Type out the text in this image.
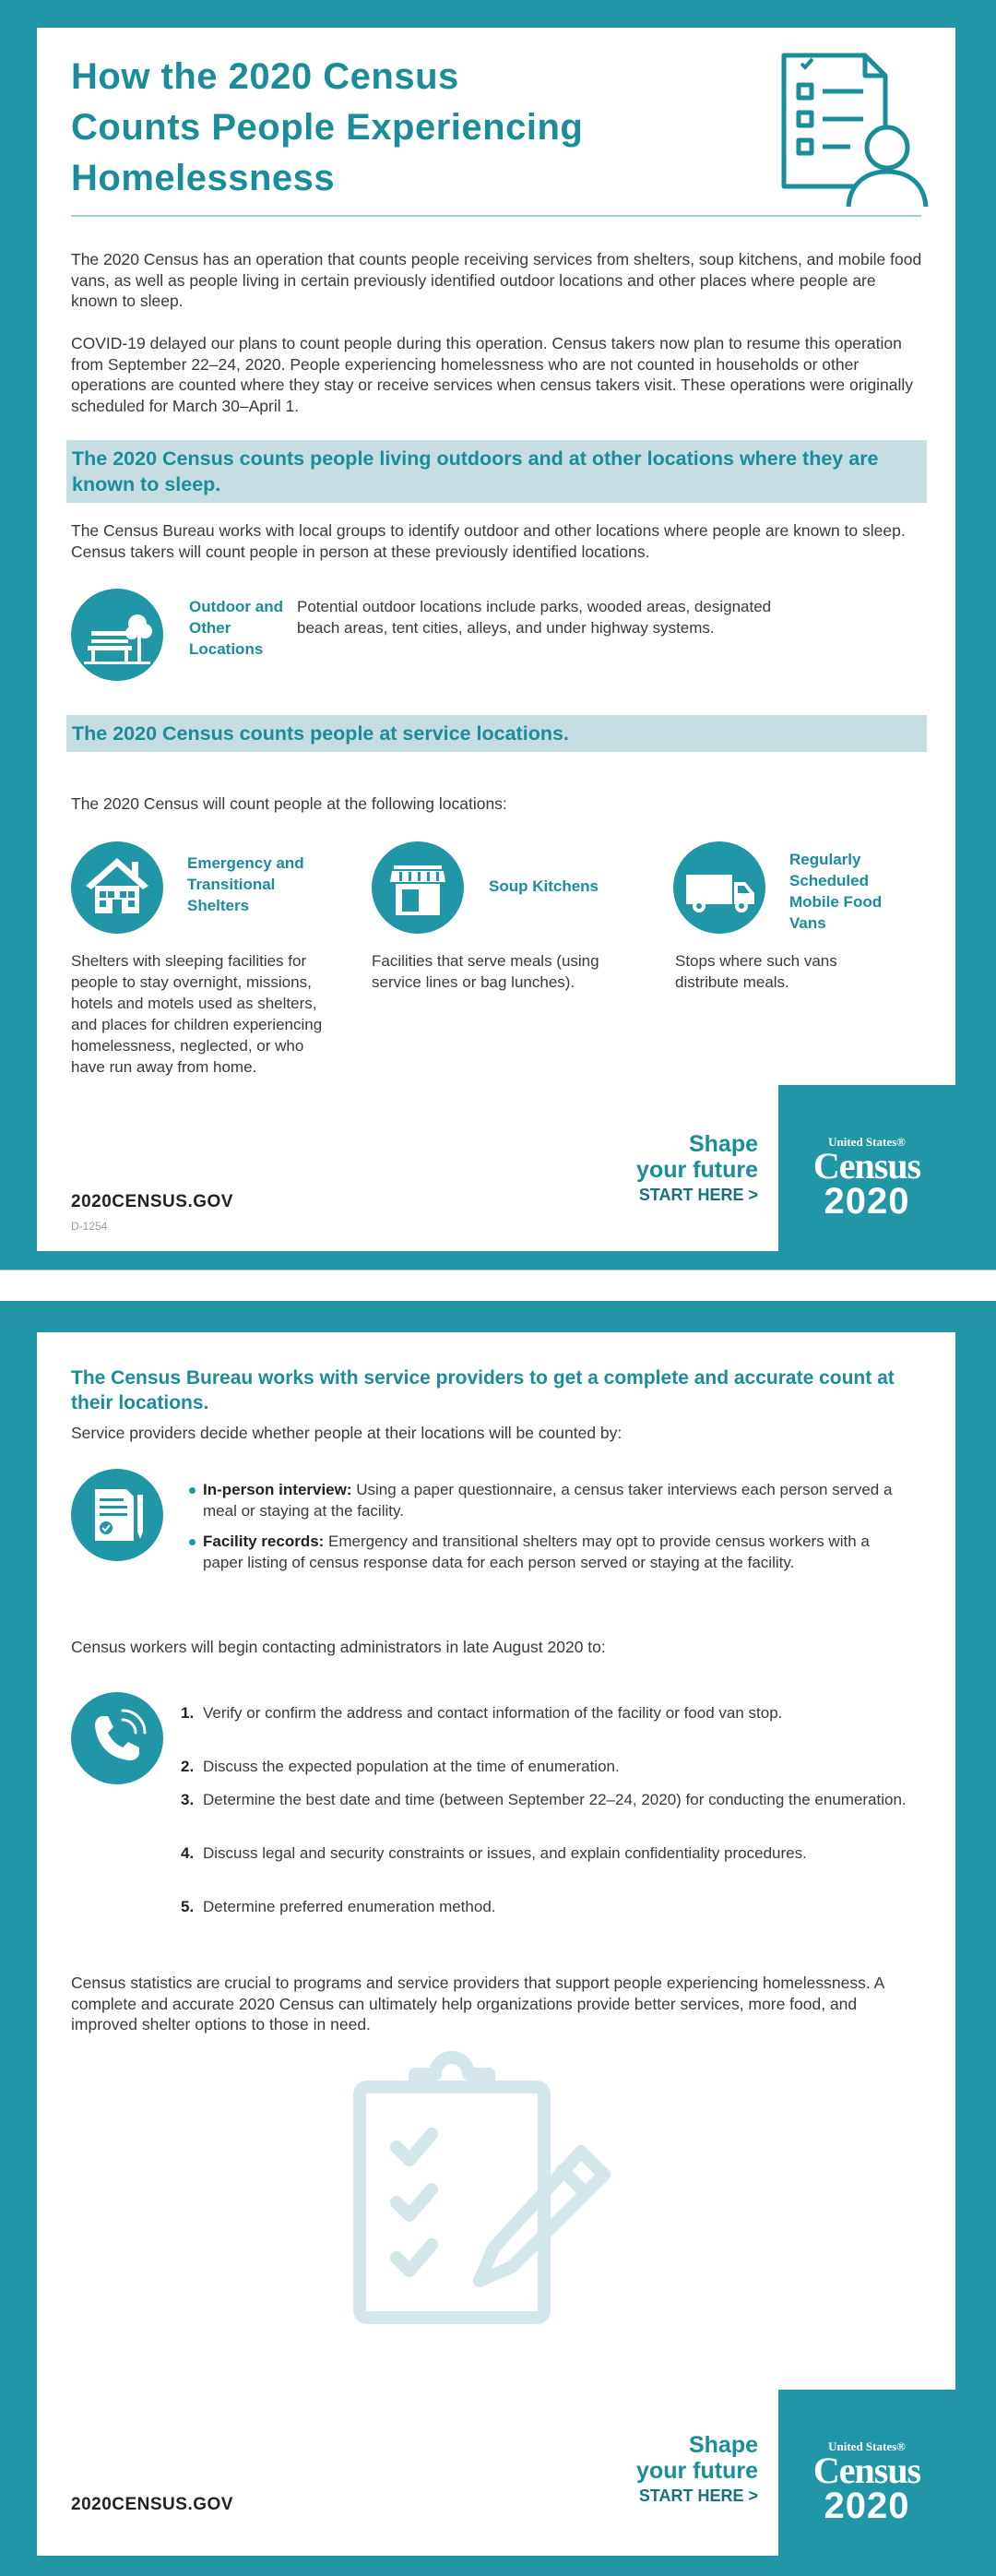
How the 2020 Census
Counts People Experiencing
Homelessness
The 2020 Census has an operation that counts people receiving services from shelters, soup kitchens, and mobile food vans, as well as people living in certain previously identified outdoor locations and other places where people are known to sleep.
COVID-19 delayed our plans to count people during this operation. Census takers now plan to resume this operation from September 22–24, 2020. People experiencing homelessness who are not counted in households or other operations are counted where they stay or receive services when census takers visit. These operations were originally scheduled for March 30–April 1.
The 2020 Census counts people living outdoors and at other locations where they are known to sleep.
The Census Bureau works with local groups to identify outdoor and other locations where people are known to sleep. Census takers will count people in person at these previously identified locations.
Outdoor and Other Locations
Potential outdoor locations include parks, wooded areas, designated beach areas, tent cities, alleys, and under highway systems.
The 2020 Census counts people at service locations.
The 2020 Census will count people at the following locations:
Emergency and Transitional Shelters
Shelters with sleeping facilities for people to stay overnight, missions, hotels and motels used as shelters, and places for children experiencing homelessness, neglected, or who have run away from home.
Soup Kitchens
Facilities that serve meals (using service lines or bag lunches).
Regularly Scheduled Mobile Food Vans
Stops where such vans distribute meals.
2020CENSUS.GOV
D-1254
Shape
your future
START HERE >
United States®
Census
2020
The Census Bureau works with service providers to get a complete and accurate count at their locations.
Service providers decide whether people at their locations will be counted by:
In-person interview: Using a paper questionnaire, a census taker interviews each person served a meal or staying at the facility.
Facility records: Emergency and transitional shelters may opt to provide census workers with a paper listing of census response data for each person served or staying at the facility.
Census workers will begin contacting administrators in late August 2020 to:
1. Verify or confirm the address and contact information of the facility or food van stop.
2. Discuss the expected population at the time of enumeration.
3. Determine the best date and time (between September 22–24, 2020) for conducting the enumeration.
4. Discuss legal and security constraints or issues, and explain confidentiality procedures.
5. Determine preferred enumeration method.
Census statistics are crucial to programs and service providers that support people experiencing homelessness. A complete and accurate 2020 Census can ultimately help organizations provide better services, more food, and improved shelter options to those in need.
2020CENSUS.GOV
Shape
your future
START HERE >
United States®
Census
2020
